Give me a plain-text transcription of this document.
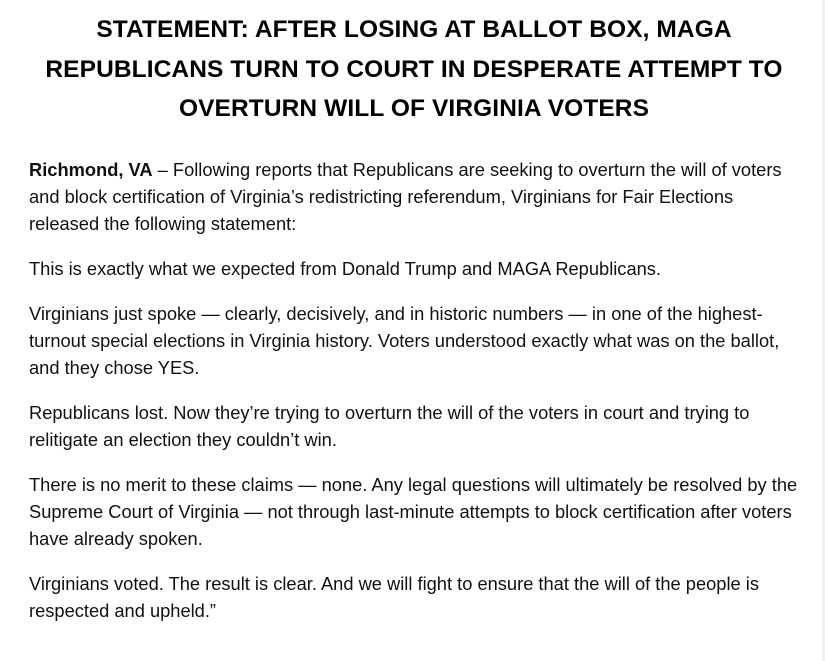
STATEMENT: AFTER LOSING AT BALLOT BOX, MAGA REPUBLICANS TURN TO COURT IN DESPERATE ATTEMPT TO OVERTURN WILL OF VIRGINIA VOTERS

Richmond, VA – Following reports that Republicans are seeking to overturn the will of voters and block certification of Virginia’s redistricting referendum, Virginians for Fair Elections released the following statement:

This is exactly what we expected from Donald Trump and MAGA Republicans.

Virginians just spoke — clearly, decisively, and in historic numbers — in one of the highest-turnout special elections in Virginia history. Voters understood exactly what was on the ballot, and they chose YES.

Republicans lost. Now they’re trying to overturn the will of the voters in court and trying to relitigate an election they couldn’t win.

There is no merit to these claims — none. Any legal questions will ultimately be resolved by the Supreme Court of Virginia — not through last-minute attempts to block certification after voters have already spoken.

Virginians voted. The result is clear. And we will fight to ensure that the will of the people is respected and upheld.”
